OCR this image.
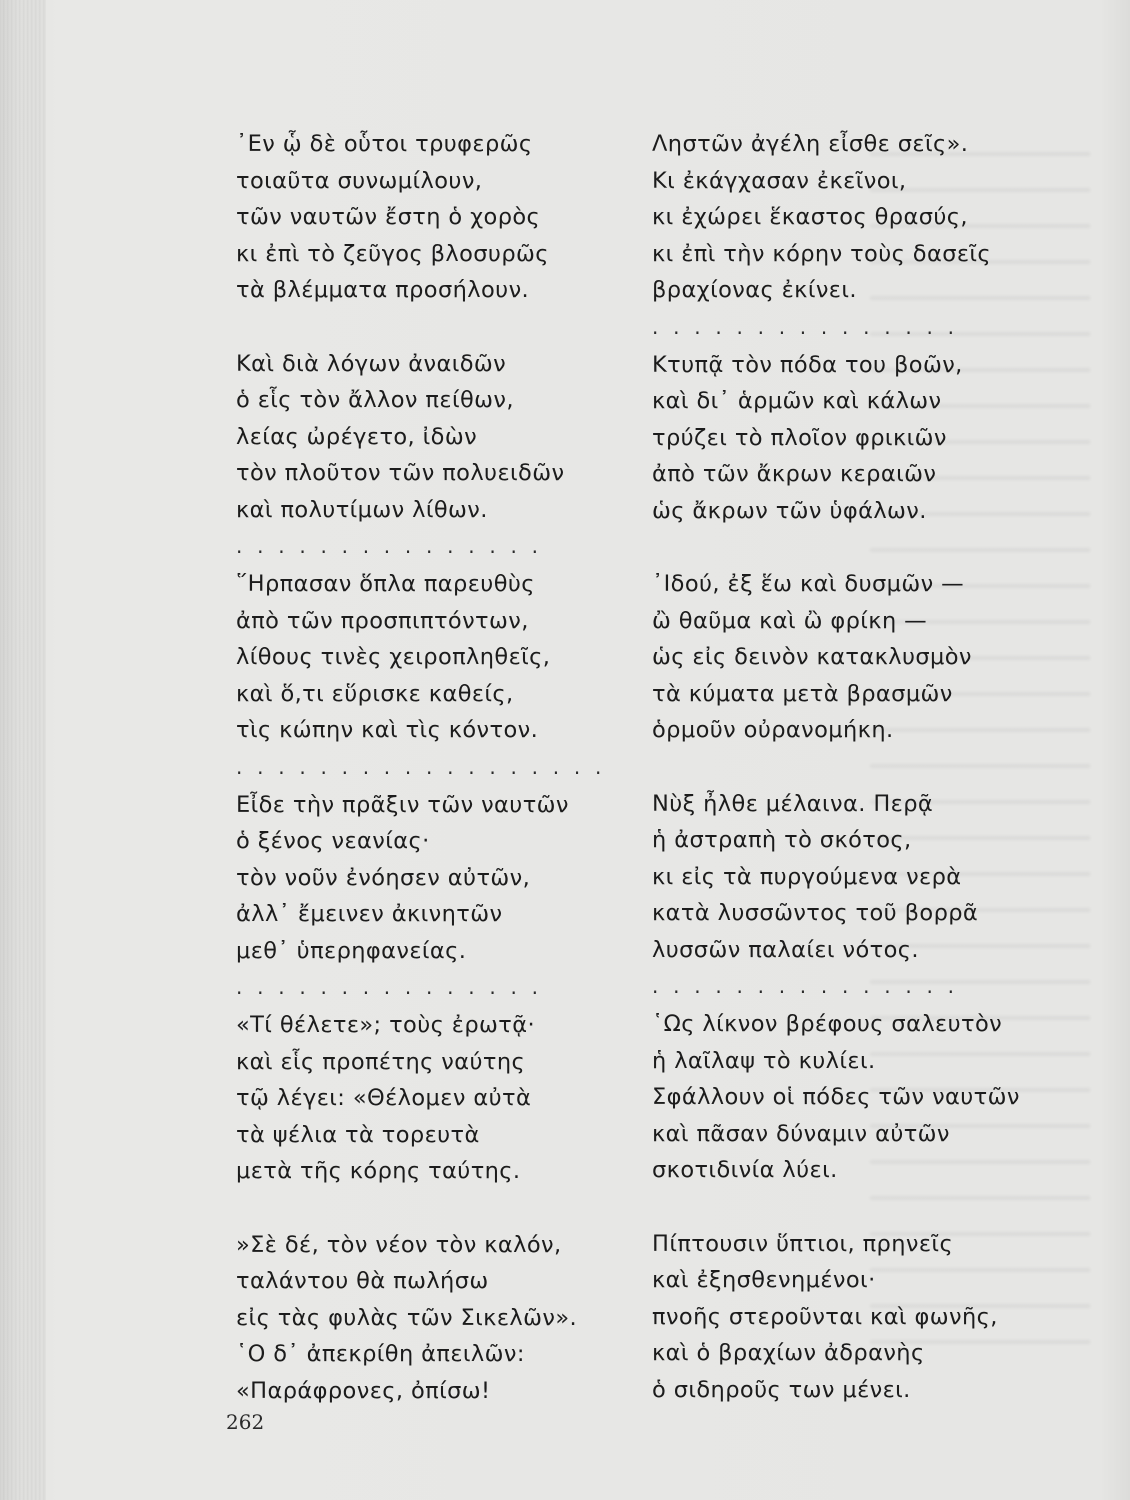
᾿Εν ᾧ δὲ οὗτοι τρυφερῶς
τοιαῦτα συνωμίλουν,
τῶν ναυτῶν ἔστη ὁ χορὸς
κι ἐπὶ τὸ ζεῦγος βλοσυρῶς
τὰ βλέμματα προσήλουν.
Καὶ διὰ λόγων ἀναιδῶν
ὁ εἷς τὸν ἄλλον πείθων,
λείας ὠρέγετο, ἰδὼν
τὸν πλοῦτον τῶν πολυειδῶν
καὶ πολυτίμων λίθων.
. . . . . . . . . . . . . . .
῞Ηρπασαν ὅπλα παρευθὺς
ἀπὸ τῶν προσπιπτόντων,
λίθους τινὲς χειροπληθεῖς,
καὶ ὅ,τι εὕρισκε καθείς,
τὶς κώπην καὶ τὶς κόντον.
. . . . . . . . . . . . . . . . . .
Εἶδε τὴν πρᾶξιν τῶν ναυτῶν
ὁ ξένος νεανίας·
τὸν νοῦν ἐνόησεν αὐτῶν,
ἀλλ᾿ ἔμεινεν ἀκινητῶν
μεθ᾿ ὑπερηφανείας.
. . . . . . . . . . . . . . .
«Τί θέλετε»; τοὺς ἐρωτᾷ·
καὶ εἷς προπέτης ναύτης
τῷ λέγει: «Θέλομεν αὐτὰ
τὰ ψέλια τὰ τορευτὰ
μετὰ τῆς κόρης ταύτης.
»Σὲ δέ, τὸν νέον τὸν καλόν,
ταλάντου θὰ πωλήσω
εἰς τὰς φυλὰς τῶν Σικελῶν».
῾Ο δ᾿ ἀπεκρίθη ἀπειλῶν:
«Παράφρονες, ὀπίσω!
Ληστῶν ἀγέλη εἶσθε σεῖς».
Κι ἐκάγχασαν ἐκεῖνοι,
κι ἐχώρει ἕκαστος θρασύς,
κι ἐπὶ τὴν κόρην τοὺς δασεῖς
βραχίονας ἐκίνει.
. . . . . . . . . . . . . . .
Κτυπᾷ τὸν πόδα του βοῶν,
καὶ δι᾿ ἁρμῶν καὶ κάλων
τρύζει τὸ πλοῖον φρικιῶν
ἀπὸ τῶν ἄκρων κεραιῶν
ὡς ἄκρων τῶν ὑφάλων.
᾿Ιδού, ἐξ ἕω καὶ δυσμῶν —
ὢ θαῦμα καὶ ὢ φρίκη —
ὡς εἰς δεινὸν κατακλυσμὸν
τὰ κύματα μετὰ βρασμῶν
ὁρμοῦν οὐρανομήκη.
Νὺξ ἦλθε μέλαινα. Περᾷ
ἡ ἀστραπὴ τὸ σκότος,
κι εἰς τὰ πυργούμενα νερὰ
κατὰ λυσσῶντος τοῦ βορρᾶ
λυσσῶν παλαίει νότος.
. . . . . . . . . . . . . . .
῾Ως λίκνον βρέφους σαλευτὸν
ἡ λαῖλαψ τὸ κυλίει.
Σφάλλουν οἱ πόδες τῶν ναυτῶν
καὶ πᾶσαν δύναμιν αὐτῶν
σκοτιδινία λύει.
Πίπτουσιν ὕπτιοι, πρηνεῖς
καὶ ἐξησθενημένοι·
πνοῆς στεροῦνται καὶ φωνῆς,
καὶ ὁ βραχίων ἀδρανὴς
ὁ σιδηροῦς των μένει.
262
